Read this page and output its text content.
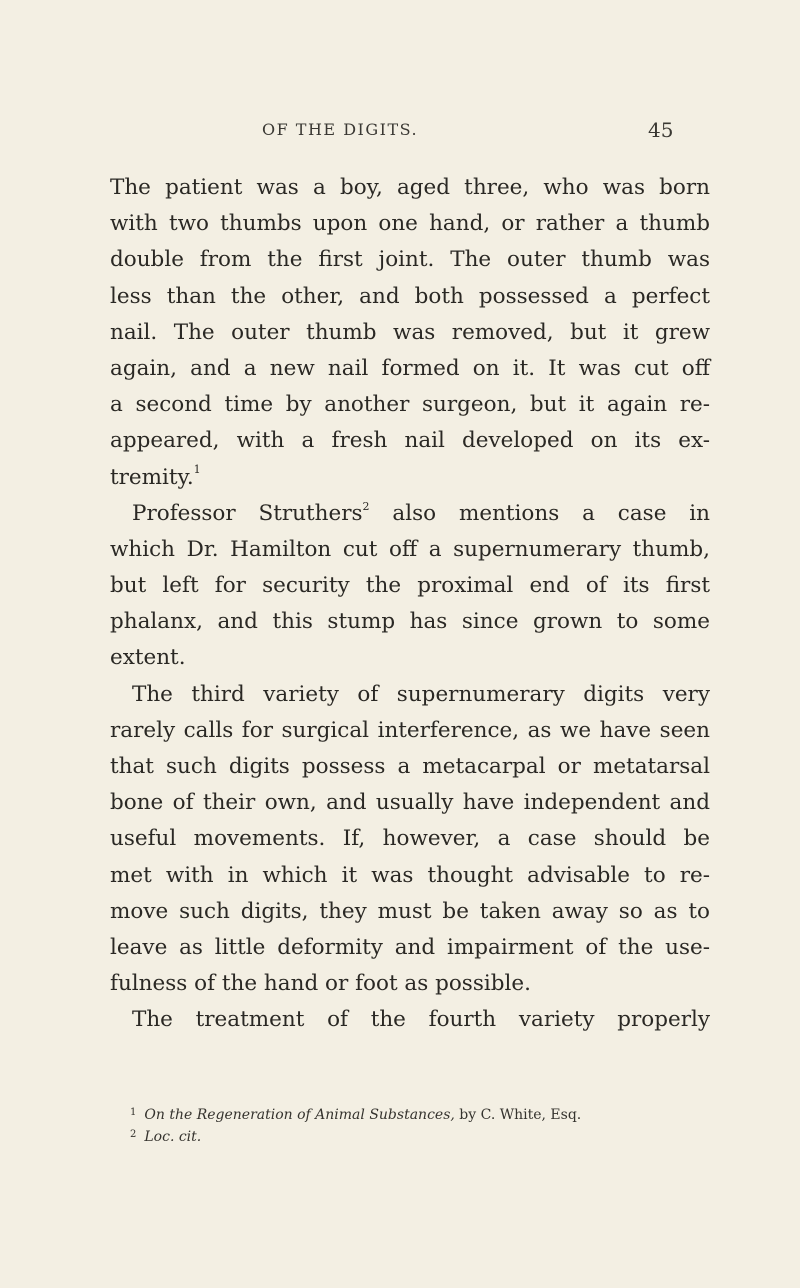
OF THE DIGITS.	45
The patient was a boy, aged three, who was born
with two thumbs upon one hand, or rather a thumb
double from the first joint. The outer thumb was
less than the other, and both possessed a perfect
nail. The outer thumb was removed, but it grew
again, and a new nail formed on it. It was cut off
a second time by another surgeon, but it again re-
appeared, with a fresh nail developed on its ex-
tremity.$^1$
Professor Struthers$^2$ also mentions a case in
which Dr. Hamilton cut off a supernumerary thumb,
but left for security the proximal end of its first
phalanx, and this stump has since grown to some
extent.
The third variety of supernumerary digits very
rarely calls for surgical interference, as we have seen
that such digits possess a metacarpal or metatarsal
bone of their own, and usually have independent and
useful movements. If, however, a case should be
met with in which it was thought advisable to re-
move such digits, they must be taken away so as to
leave as little deformity and impairment of the use-
fulness of the hand or foot as possible.
The treatment of the fourth variety properly
$^1$ On the Regeneration of Animal Substances, by C. White, Esq.
$^2$ Loc. cit.
